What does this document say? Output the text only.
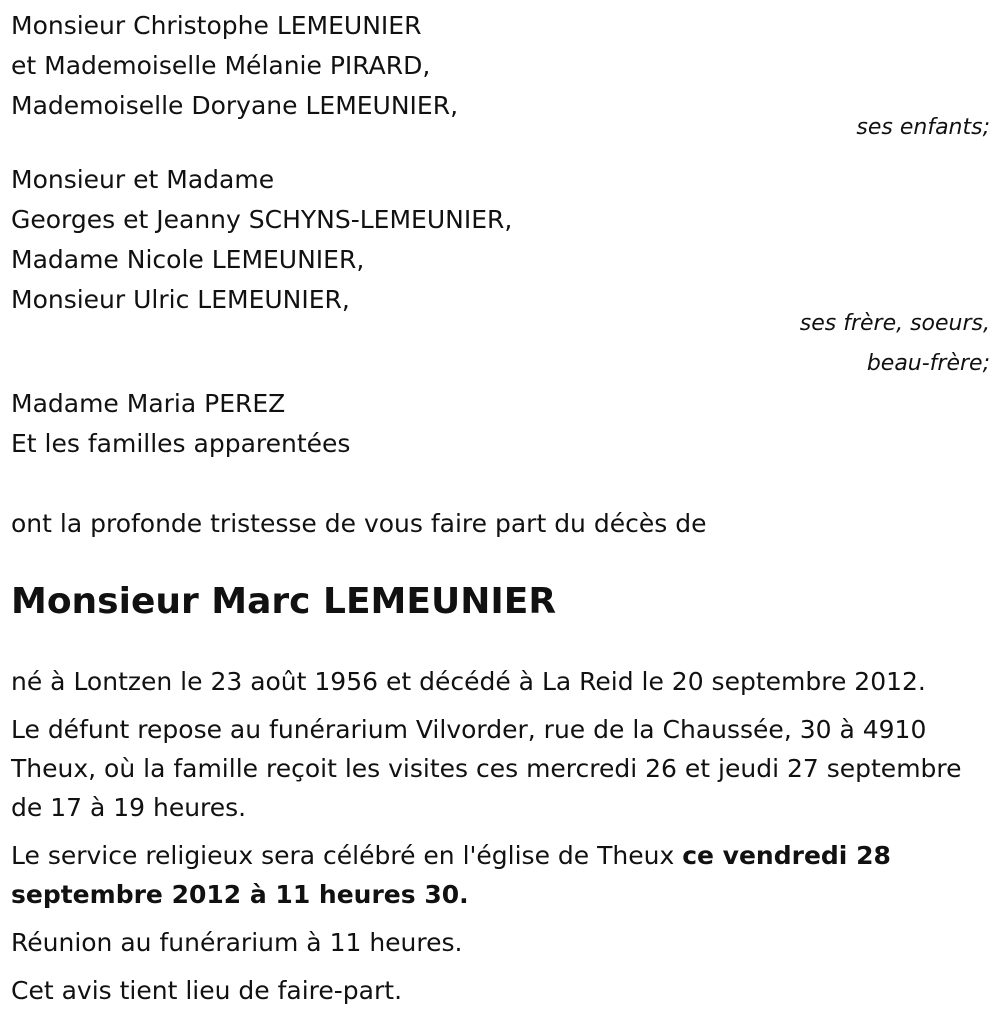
Monsieur Christophe LEMEUNIER

et Mademoiselle Mélanie PIRARD,

Mademoiselle Doryane LEMEUNIER,

ses enfants;

Monsieur et Madame

Georges et Jeanny SCHYNS-LEMEUNIER,

Madame Nicole LEMEUNIER,

Monsieur Ulric LEMEUNIER,

ses frère, soeurs,

beau-frère;

Madame Maria PEREZ

Et les familles apparentées

ont la profonde tristesse de vous faire part du décès de

Monsieur Marc LEMEUNIER

né à Lontzen le 23 août 1956 et décédé à La Reid le 20 septembre 2012.

Le défunt repose au funérarium Vilvorder, rue de la Chaussée, 30 à 4910 Theux, où la famille reçoit les visites ces mercredi 26 et jeudi 27 septembre de 17 à 19 heures.

Le service religieux sera célébré en l'église de Theux ce vendredi 28 septembre 2012 à 11 heures 30.

Réunion au funérarium à 11 heures.

Cet avis tient lieu de faire-part.
